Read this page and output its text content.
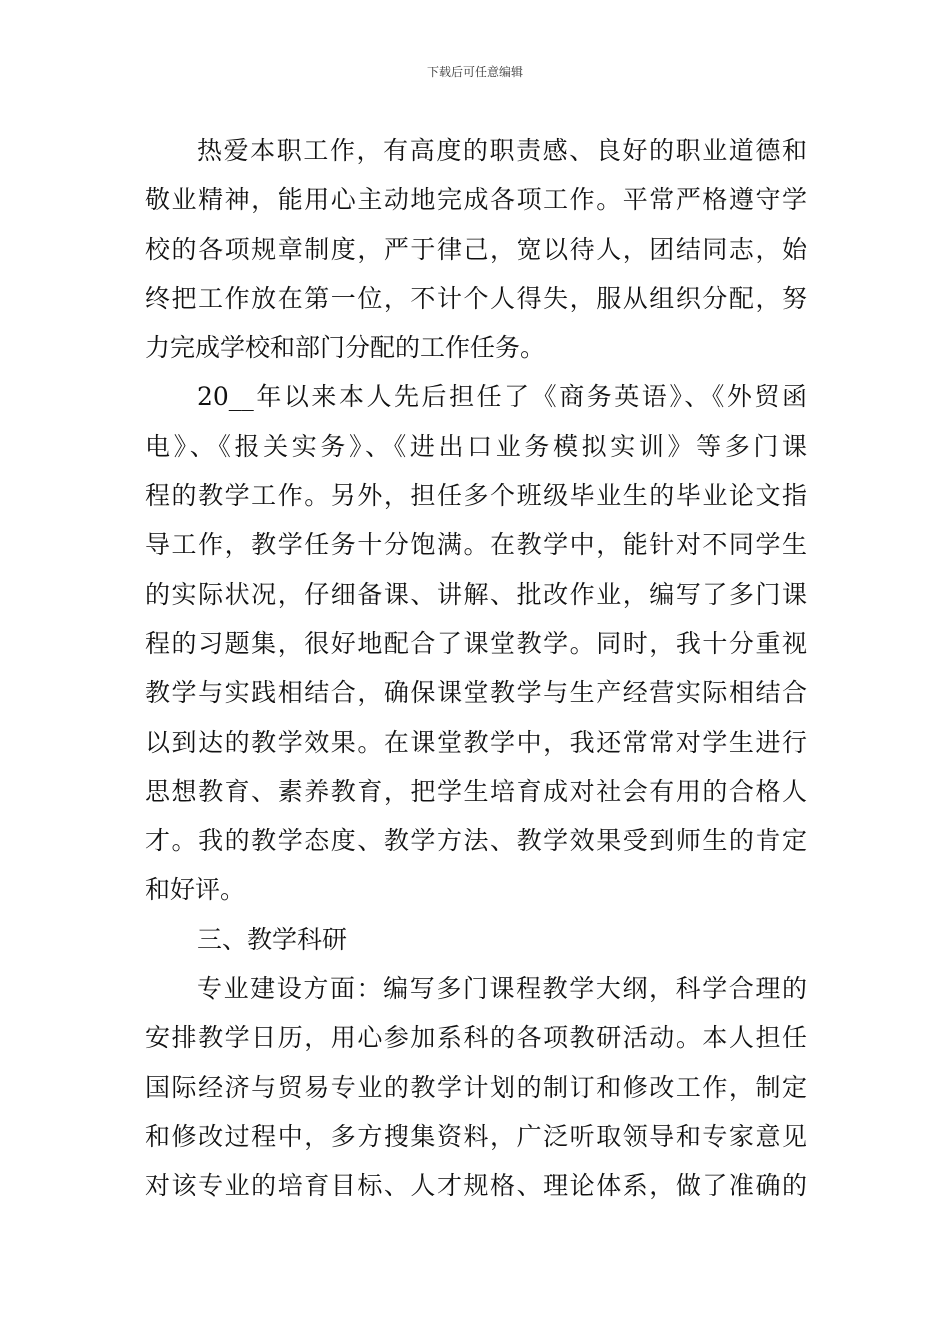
下载后可任意编辑
热爱本职工作，有高度的职责感、良好的职业道德和
敬业精神，能用心主动地完成各项工作。平常严格遵守学
校的各项规章制度，严于律己，宽以待人，团结同志，始
终把工作放在第一位，不计个人得失，服从组织分配，努
力完成学校和部门分配的工作任务。
20__年以来本人先后担任了《商务英语》、《外贸函
电》、《报关实务》、《进出口业务模拟实训》等多门课
程的教学工作。另外，担任多个班级毕业生的毕业论文指
导工作，教学任务十分饱满。在教学中，能针对不同学生
的实际状况，仔细备课、讲解、批改作业，编写了多门课
程的习题集，很好地配合了课堂教学。同时，我十分重视
教学与实践相结合，确保课堂教学与生产经营实际相结合
以到达的教学效果。在课堂教学中，我还常常对学生进行
思想教育、素养教育，把学生培育成对社会有用的合格人
才。我的教学态度、教学方法、教学效果受到师生的肯定
和好评。
三、教学科研
专业建设方面：编写多门课程教学大纲，科学合理的
安排教学日历，用心参加系科的各项教研活动。本人担任
国际经济与贸易专业的教学计划的制订和修改工作，制定
和修改过程中，多方搜集资料，广泛听取领导和专家意见
对该专业的培育目标、人才规格、理论体系，做了准确的
